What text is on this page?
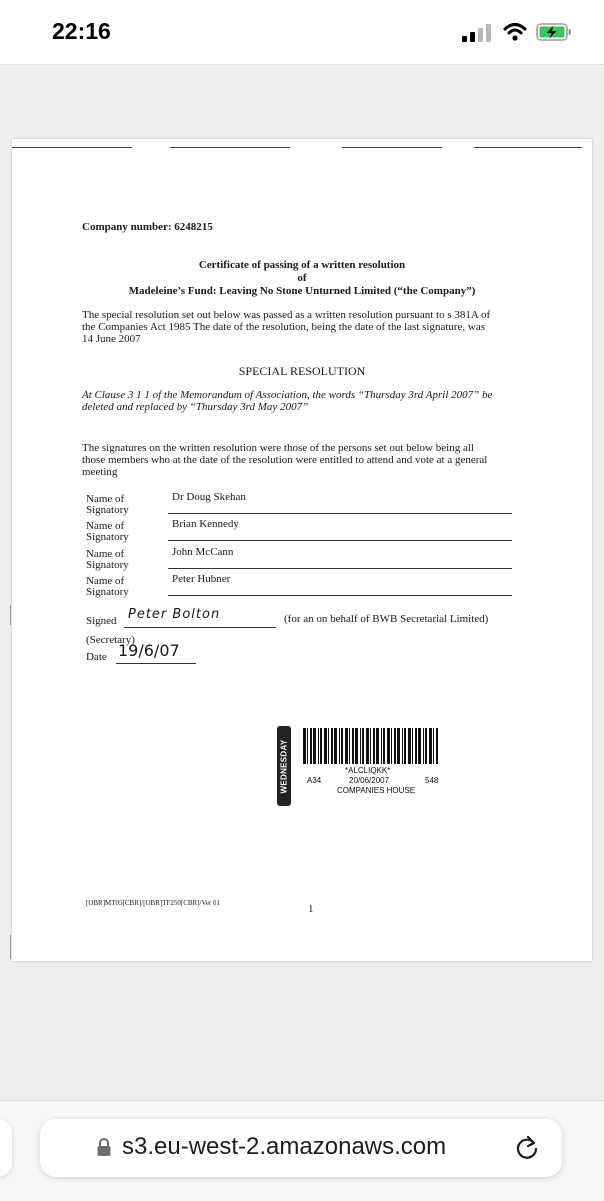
22:16
Company number: 6248215
Certificate of passing of a written resolution
of
Madeleine’s Fund: Leaving No Stone Unturned Limited (“the Company”)
The special resolution set out below was passed as a written resolution pursuant to s 381A of
the Companies Act 1985 The date of the resolution, being the date of the last signature, was
14 June 2007
SPECIAL RESOLUTION
At Clause 3 1 1 of the Memorandum of Association, the words “Thursday 3rd April 2007” be
deleted and replaced by “Thursday 3rd May 2007”
The signatures on the written resolution were those of the persons set out below being all
those members who at the date of the resolution were entitled to attend and vote at a general
meeting
Name of
Signatory
Dr Doug Skehan
Name of
Signatory
Brian Kennedy
Name of
Signatory
John McCann
Name of
Signatory
Peter Hubner
Signed Peter Bolton	(for an on behalf of BWB Secretarial Limited)
(Secretary)
Date 19/6/07
WEDNESDAY	*ALCLIQKK*
A34	20/06/2007	548
COMPANIES HOUSE
[OBR]MT05[CBR]/[OBR]TF250[CBR]/Ver 01	1
s3.eu-west-2.amazonaws.com
